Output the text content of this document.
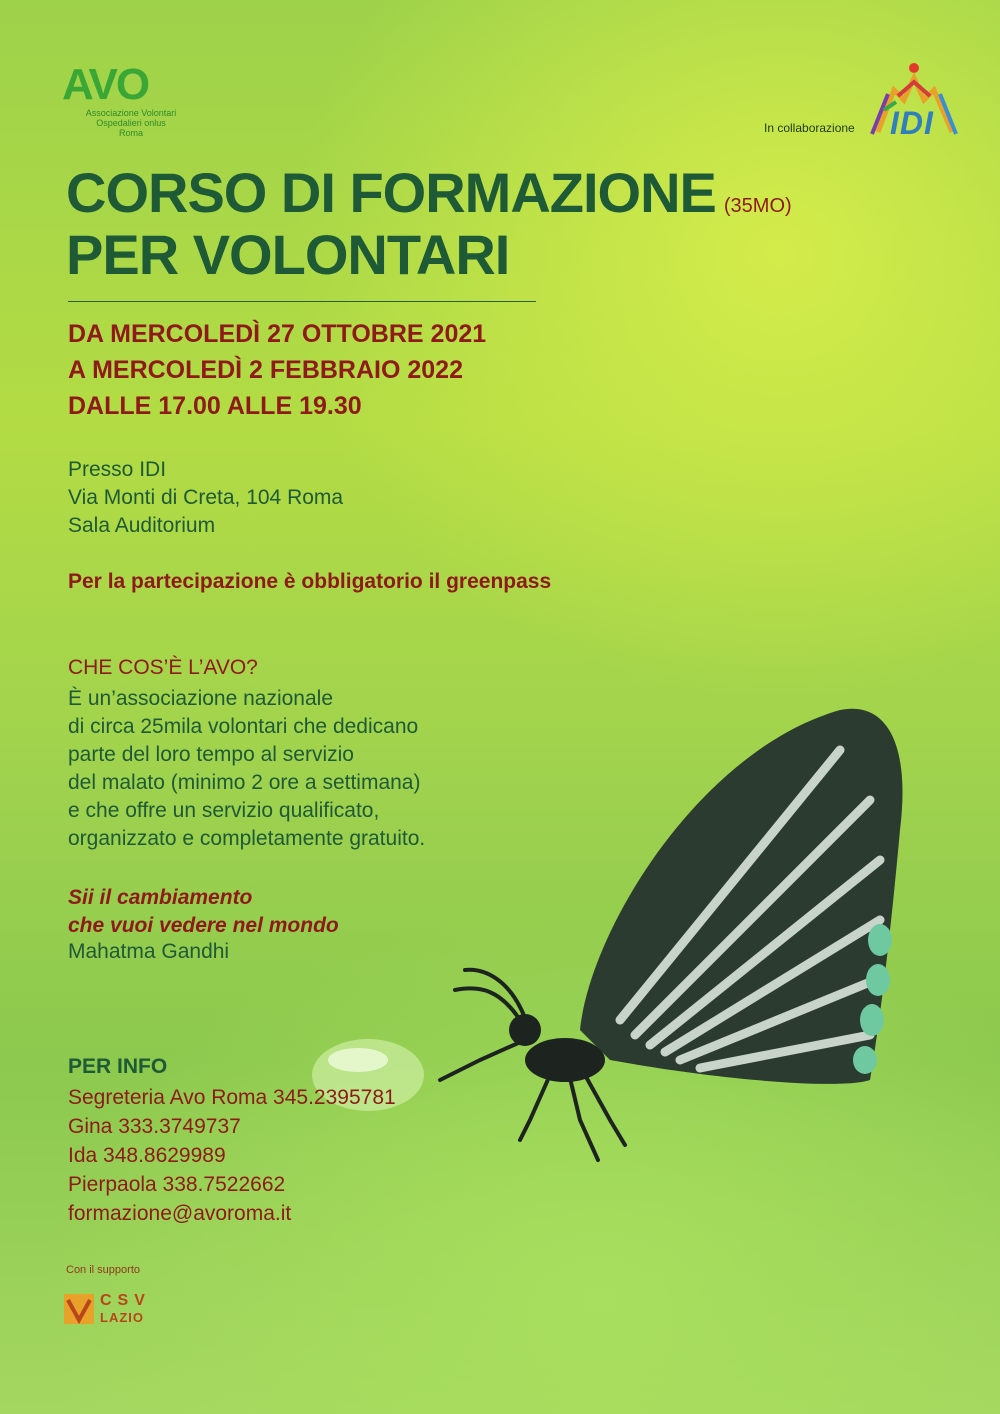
AVO
Associazione Volontari
Ospedalieri onlus
Roma	In collaborazione IDI
CORSO DI FORMAZIONE (35MO)
PER VOLONTARI
DA MERCOLEDÌ 27 OTTOBRE 2021
A MERCOLEDÌ 2 FEBBRAIO 2022
DALLE 17.00 ALLE 19.30
Presso IDI
Via Monti di Creta, 104 Roma
Sala Auditorium
Per la partecipazione è obbligatorio il greenpass
CHE COS’È L’AVO?
È un’associazione nazionale
di circa 25mila volontari che dedicano
parte del loro tempo al servizio
del malato (minimo 2 ore a settimana)
e che offre un servizio qualificato,
organizzato e completamente gratuito.
Sii il cambiamento
che vuoi vedere nel mondo
Mahatma Gandhi
PER INFO
Segreteria Avo Roma 345.2395781
Gina 333.3749737
Ida 348.8629989
Pierpaola 338.7522662
formazione@avoroma.it
Con il supporto
CSV
LAZIO
